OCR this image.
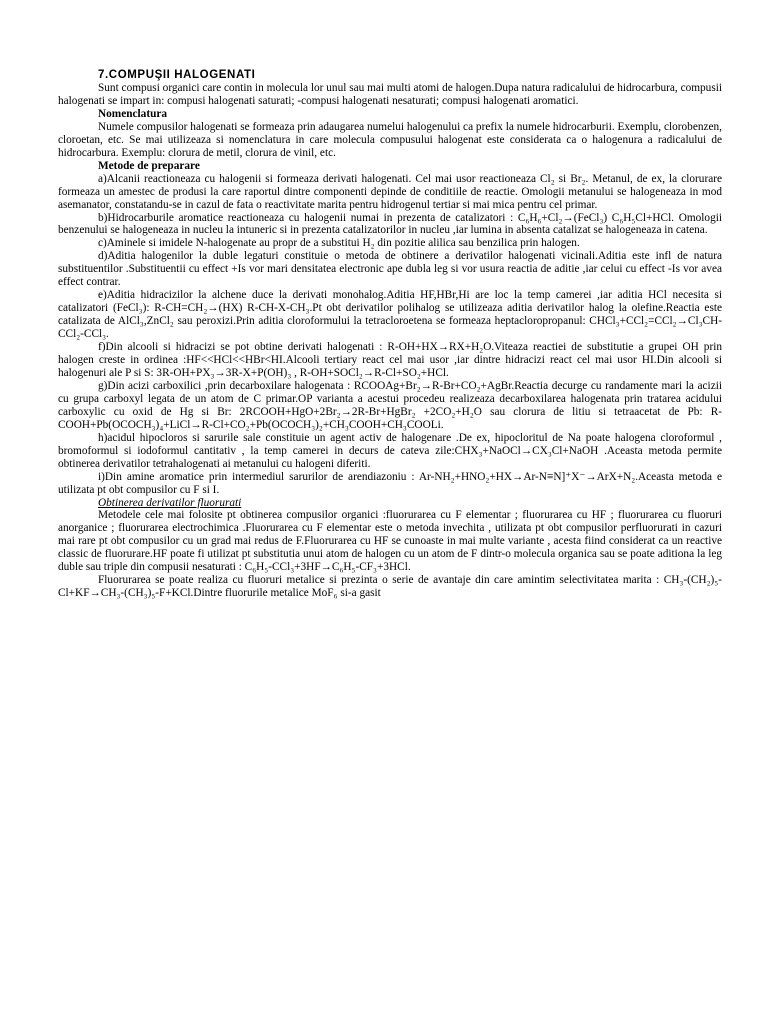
7.COMPUŞII HALOGENATI

Sunt compusi organici care contin in molecula lor unul sau mai multi atomi de halogen.Dupa natura radicalului de hidrocarbura, compusii halogenati se impart in: compusi halogenati saturati; -compusi halogenati nesaturati; compusi halogenati aromatici.

Nomenclatura

Numele compusilor halogenati se formeaza prin adaugarea numelui halogenului ca prefix la numele hidrocarburii. Exemplu, clorobenzen, cloroetan, etc. Se mai utilizeaza si nomenclatura in care molecula compusului halogenat este considerata ca o halogenura a radicalului de hidrocarbura. Exemplu: clorura de metil, clorura de vinil, etc.

Metode de preparare

a)Alcanii reactioneaza cu halogenii si formeaza derivati halogenati. Cel mai usor reactioneaza Cl₂ si Br₂. Metanul, de ex, la clorurare formeaza un amestec de produsi la care raportul dintre componenti depinde de conditiile de reactie. Omologii metanului se halogeneaza in mod asemanator, constatandu-se in cazul de fata o reactivitate marita pentru hidrogenul tertiar si mai mica pentru cel primar.

b)Hidrocarburile aromatice reactioneaza cu halogenii numai in prezenta de catalizatori : C₆H₆+Cl₂→(FeCl₃) C₆H₅Cl+HCl. Omologii benzenului se halogeneaza in nucleu la intuneric si in prezenta catalizatorilor in nucleu ,iar lumina in absenta catalizat se halogeneaza in catena.

c)Aminele si imidele N-halogenate au propr de a substitui H₂ din pozitie alilica sau benzilica prin halogen.

d)Aditia halogenilor la duble legaturi constituie o metoda de obtinere a derivatilor halogenati vicinali.Aditia este infl de natura substituentilor .Substituentii cu effect +Is vor mari densitatea electronic ape dubla leg si vor usura reactia de aditie ,iar celui cu effect -Is vor avea effect contrar.

e)Aditia hidracizilor la alchene duce la derivati monohalog.Aditia HF,HBr,Hi are loc la temp camerei ,iar aditia HCl necesita si catalizatori (FeCl₃): R-CH=CH₂→(HX) R-CH-X-CH₃.Pt obt derivatilor polihalog se utilizeaza aditia derivatilor halog la olefine.Reactia este catalizata de AlCl₃,ZnCl₂ sau peroxizi.Prin aditia cloroformului la tetracloroetena se formeaza heptacloropropanul: CHCl₃+CCl₂=CCl₂→Cl₃CH-CCl₂-CCl₃.

f)Din alcooli si hidracizi se pot obtine derivati halogenati : R-OH+HX→RX+H₂O.Viteaza reactiei de substitutie a grupei OH prin halogen creste in ordinea :HF<<HCl<<HBr<HI.Alcooli tertiary react cel mai usor ,iar dintre hidracizi react cel mai usor HI.Din alcooli si halogenuri ale P si S: 3R-OH+PX₃→3R-X+P(OH)₃ , R-OH+SOCl₂→R-Cl+SO₂+HCl.

g)Din acizi carboxilici ,prin decarboxilare halogenata : RCOOAg+Br₂→R-Br+CO₂+AgBr.Reactia decurge cu randamente mari la acizii cu grupa carboxyl legata de un atom de C primar.OP varianta a acestui procedeu realizeaza decarboxilarea halogenata prin tratarea acidului carboxylic cu oxid de Hg si Br: 2RCOOH+HgO+2Br₂→2R-Br+HgBr₂ +2CO₂+H₂O sau clorura de litiu si tetraacetat de Pb: R-COOH+Pb(OCOCH₃)₄+LiCl→R-Cl+CO₂+Pb(OCOCH₃)₂+CH₃COOH+CH₃COOLi.

h)acidul hipocloros si sarurile sale constituie un agent activ de halogenare .De ex, hipocloritul de Na poate halogena cloroformul , bromoformul si iodoformul cantitativ , la temp camerei in decurs de cateva zile:CHX₃+NaOCl→CX₃Cl+NaOH .Aceasta metoda permite obtinerea derivatilor tetrahalogenati ai metanului cu halogeni diferiti.

i)Din amine aromatice prin intermediul sarurilor de arendiazoniu : Ar-NH₂+HNO₂+HX→Ar-N≡N]⁺X⁻→ArX+N₂.Aceasta metoda e utilizata pt obt compusilor cu F si I.

Obtinerea derivatilor fluorurati

Metodele cele mai folosite pt obtinerea compusilor organici :fluorurarea cu F elementar ; fluorurarea cu HF ; fluorurarea cu fluoruri anorganice ; fluorurarea electrochimica .Fluorurarea cu F elementar este o metoda invechita , utilizata pt obt compusilor perfluorurati in cazuri mai rare pt obt compusilor cu un grad mai redus de F.Fluorurarea cu HF se cunoaste in mai multe variante , acesta fiind considerat ca un reactive classic de fluorurare.HF poate fi utilizat pt substitutia unui atom de halogen cu un atom de F dintr-o molecula organica sau se poate aditiona la leg duble sau triple din compusii nesaturati : C₆H₅-CCl₃+3HF→C₆H₅-CF₃+3HCl.

Fluorurarea se poate realiza cu fluoruri metalice si prezinta o serie de avantaje din care amintim selectivitatea marita : CH₃-(CH₂)₅-Cl+KF→CH₃-(CH₃)₅-F+KCl.Dintre fluorurile metalice MoF₆ si-a gasit
